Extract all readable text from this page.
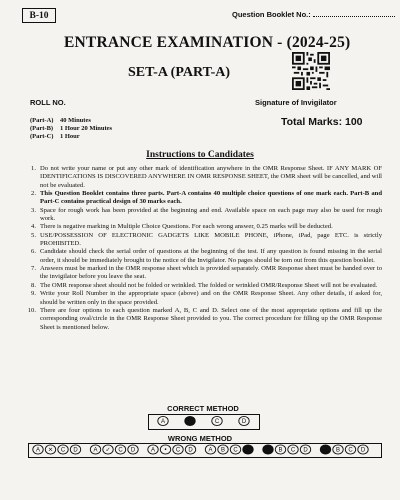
B-10	Question Booklet No.:
ENTRANCE EXAMINATION - (2024-25)
SET-A (PART-A)
ROLL NO.	Signature of Invigilator
(Part-A)	40 Minutes
(Part-B)	1 Hour 20 Minutes
(Part-C)	1 Hour
Total Marks: 100
Instructions to Candidates
1. Do not write your name or put any other mark of identification anywhere in the OMR Response Sheet. IF ANY MARK OF IDENTIFICATIONS IS DISCOVERED ANYWHERE IN OMR RESPONSE SHEET, the OMR sheet will be cancelled, and will not be evaluated.
2. This Question Booklet contains three parts. Part-A contains 40 multiple choice questions of one mark each. Part-B and Part-C contains practical design of 30 marks each.
3. Space for rough work has been provided at the beginning and end. Available space on each page may also be used for rough work.
4. There is negative marking in Multiple Choice Questions. For each wrong answer, 0.25 marks will be deducted.
5. USE/POSSESSION OF ELECTRONIC GADGETS LIKE MOBILE PHONE, iPhone, iPad, page ETC. is strictly PROHIBITED.
6. Candidate should check the serial order of questions at the beginning of the test. If any question is found missing in the serial order, it should be immediately brought to the notice of the Invigilator. No pages should be torn out from this question booklet.
7. Answers must be marked in the OMR response sheet which is provided separately. OMR Response sheet must be handed over to the invigilator before you leave the seat.
8. The OMR response sheet should not be folded or wrinkled. The folded or wrinkled OMR/Response Sheet will not be evaluated.
9. Write your Roll Number in the appropriate space (above) and on the OMR Response Sheet. Any other details, if asked for, should be written only in the space provided.
10. There are four options to each question marked A, B, C and D. Select one of the most appropriate options and fill up the corresponding oval/circle in the OMR Response Sheet provided to you. The correct procedure for filling up the OMR Response Sheet is mentioned below.
CORRECT METHOD
WRONG METHOD
A	C	D
A ✕ C D	A ✓ C D	A • C D	A B C	B C D	B C D
